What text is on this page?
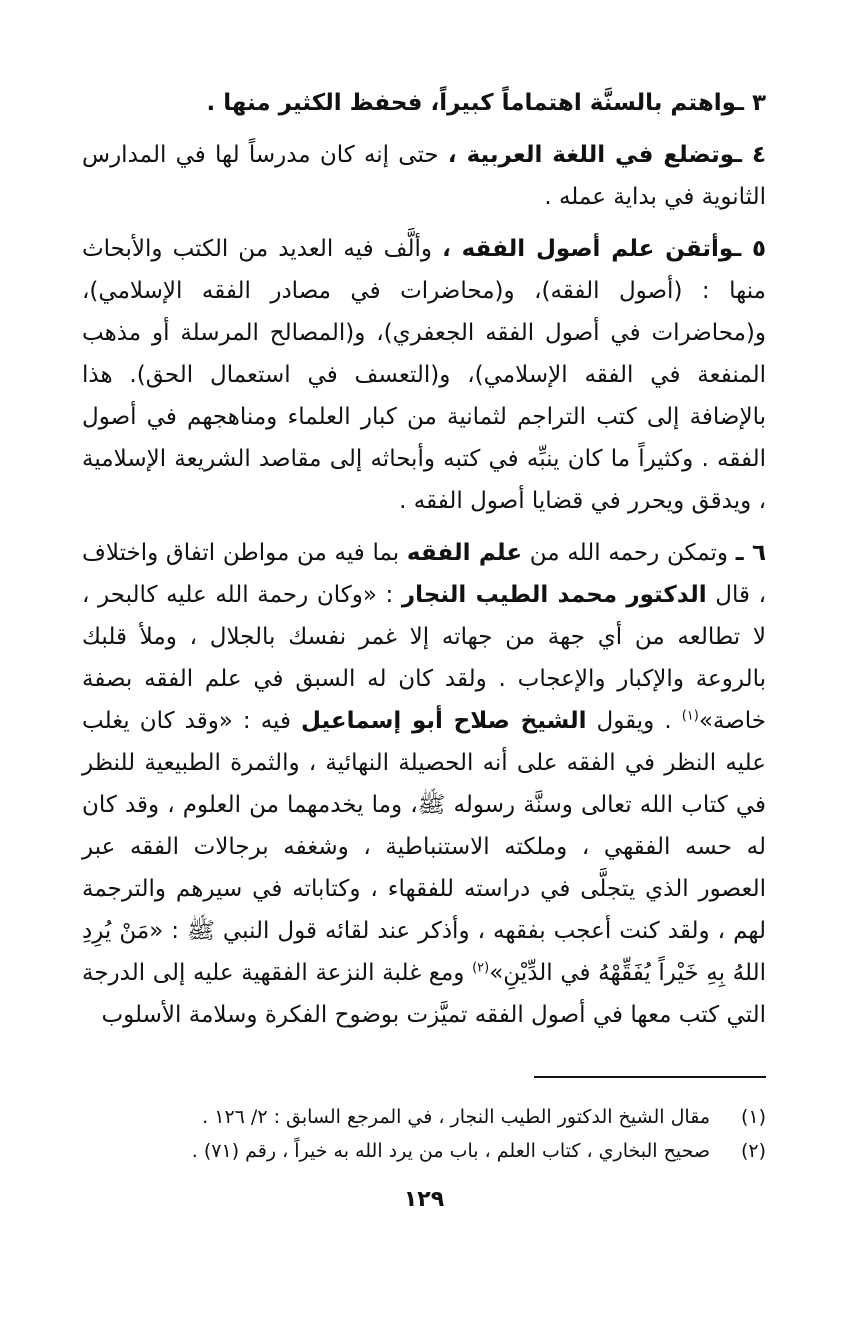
٣ ـواهتم بالسنَّة اهتماماً كبيراً، فحفظ الكثير منها .

٤ ـوتضلع في اللغة العربية ، حتى إنه كان مدرساً لها في المدارس الثانوية في بداية عمله .

٥ ـوأتقن علم أصول الفقه ، وألَّف فيه العديد من الكتب والأبحاث منها : (أصول الفقه)، و(محاضرات في مصادر الفقه الإسلامي)، و(محاضرات في أصول الفقه الجعفري)، و(المصالح المرسلة أو مذهب المنفعة في الفقه الإسلامي)، و(التعسف في استعمال الحق). هذا بالإضافة إلى كتب التراجم لثمانية من كبار العلماء ومناهجهم في أصول الفقه . وكثيراً ما كان ينبِّه في كتبه وأبحاثه إلى مقاصد الشريعة الإسلامية ، ويدقق ويحرر في قضايا أصول الفقه .

٦ ـ وتمكن رحمه الله من علم الفقه بما فيه من مواطن اتفاق واختلاف ، قال الدكتور محمد الطيب النجار : «وكان رحمة الله عليه كالبحر ، لا تطالعه من أي جهة من جهاته إلا غمر نفسك بالجلال ، وملأ قلبك بالروعة والإكبار والإعجاب . ولقد كان له السبق في علم الفقه بصفة خاصة»$^{(١)}$ . ويقول الشيخ صلاح أبو إسماعيل فيه : «وقد كان يغلب عليه النظر في الفقه على أنه الحصيلة النهائية ، والثمرة الطبيعية للنظر في كتاب الله تعالى وسنَّة رسوله ﷺ، وما يخدمهما من العلوم ، وقد كان له حسه الفقهي ، وملكته الاستنباطية ، وشغفه برجالات الفقه عبر العصور الذي يتجلَّى في دراسته للفقهاء ، وكتاباته في سيرهم والترجمة لهم ، ولقد كنت أعجب بفقهه ، وأذكر عند لقائه قول النبي ﷺ : «مَنْ يُرِدِ اللهُ بِهِ خَيْراً يُفَقِّهْهُ في الدِّيْنِ»$^{(٢)}$ ومع غلبة النزعة الفقهية عليه إلى الدرجة التي كتب معها في أصول الفقه تميَّزت بوضوح الفكرة وسلامة الأسلوب

(١)مقال الشيخ الدكتور الطيب النجار ، في المرجع السابق : ٢/ ١٢٦ .

(٢)صحيح البخاري ، كتاب العلم ، باب من يرد الله به خيراً ، رقم (٧١) .

١٢٩
